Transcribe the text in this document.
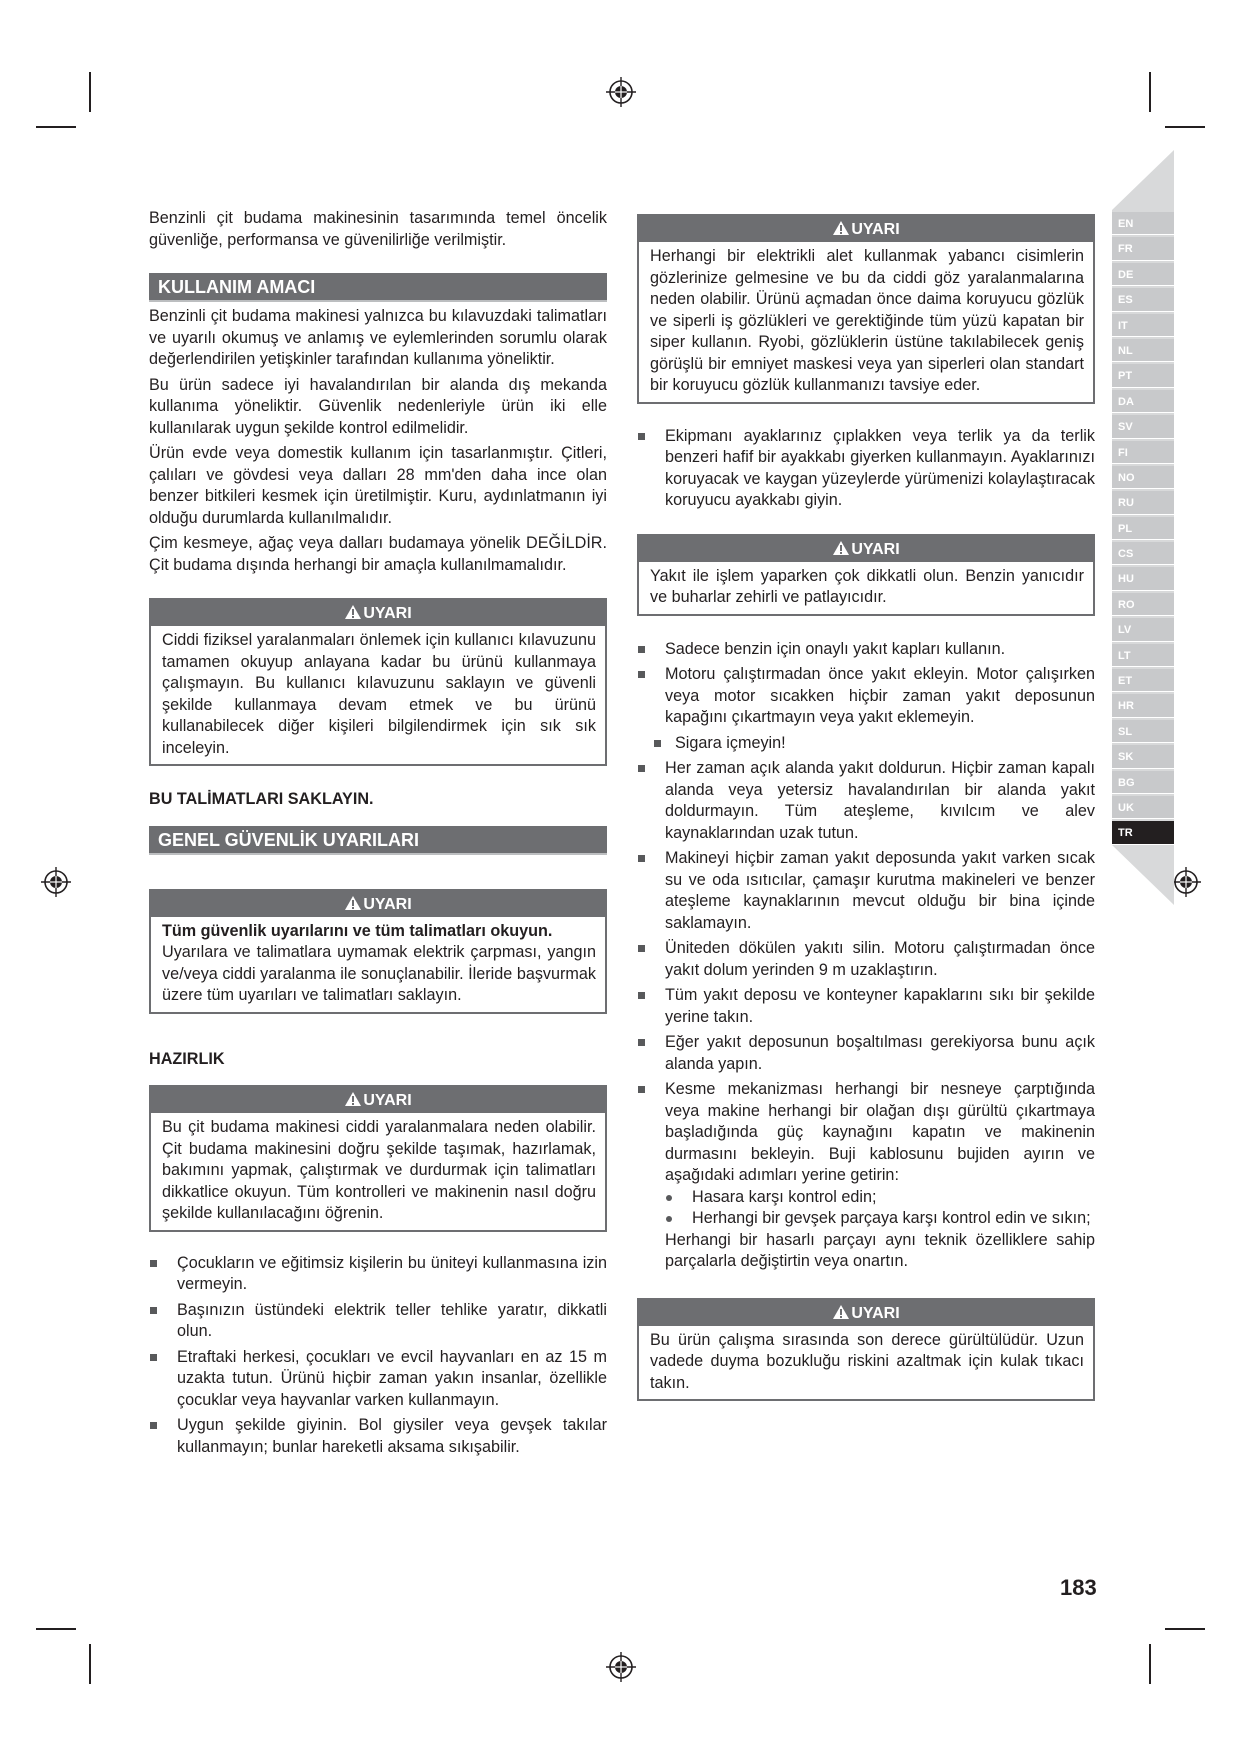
Benzinli çit budama makinesinin tasarımında temel öncelik güvenliğe, performansa ve güvenilirliğe verilmiştir.

KULLANIM AMACI

Benzinli çit budama makinesi yalnızca bu kılavuzdaki talimatları ve uyarılı okumuş ve anlamış ve eylemlerinden sorumlu olarak değerlendirilen yetişkinler tarafından kullanıma yöneliktir.

Bu ürün sadece iyi havalandırılan bir alanda dış mekanda kullanıma yöneliktir. Güvenlik nedenleriyle ürün iki elle kullanılarak uygun şekilde kontrol edilmelidir.

Ürün evde veya domestik kullanım için tasarlanmıştır. Çitleri, çalıları ve gövdesi veya dalları 28 mm'den daha ince olan benzer bitkileri kesmek için üretilmiştir. Kuru, aydınlatmanın iyi olduğu durumlarda kullanılmalıdır.

Çim kesmeye, ağaç veya dalları budamaya yönelik DEĞİLDİR. Çit budama dışında herhangi bir amaçla kullanılmamalıdır.

UYARI

Ciddi fiziksel yaralanmaları önlemek için kullanıcı kılavuzunu tamamen okuyup anlayana kadar bu ürünü kullanmaya çalışmayın. Bu kullanıcı kılavuzunu saklayın ve güvenli şekilde kullanmaya devam etmek ve bu ürünü kullanabilecek diğer kişileri bilgilendirmek için sık sık inceleyin.

BU TALİMATLARI SAKLAYIN.

GENEL GÜVENLİK UYARILARI
UYARI

Tüm güvenlik uyarılarını ve tüm talimatları okuyun.

Uyarılara ve talimatlara uymamak elektrik çarpması, yangın ve/veya ciddi yaralanma ile sonuçlanabilir. İleride başvurmak üzere tüm uyarıları ve talimatları saklayın.

HAZIRLIK

UYARI

Bu çit budama makinesi ciddi yaralanmalara neden olabilir. Çit budama makinesini doğru şekilde taşımak, hazırlamak, bakımını yapmak, çalıştırmak ve durdurmak için talimatları dikkatlice okuyun. Tüm kontrolleri ve makinenin nasıl doğru şekilde kullanılacağını öğrenin.

Çocukların ve eğitimsiz kişilerin bu üniteyi kullanmasına izin vermeyin.
Başınızın üstündeki elektrik teller tehlike yaratır, dikkatli olun.
Etraftaki herkesi, çocukları ve evcil hayvanları en az 15 m uzakta tutun. Ürünü hiçbir zaman yakın insanlar, özellikle çocuklar veya hayvanlar varken kullanmayın.
Uygun şekilde giyinin. Bol giysiler veya gevşek takılar kullanmayın; bunlar hareketli aksama sıkışabilir.
UYARI

Herhangi bir elektrikli alet kullanmak yabancı cisimlerin gözlerinize gelmesine ve bu da ciddi göz yaralanmalarına neden olabilir. Ürünü açmadan önce daima koruyucu gözlük ve siperli iş gözlükleri ve gerektiğinde tüm yüzü kapatan bir siper kullanın. Ryobi, gözlüklerin üstüne takılabilecek geniş görüşlü bir emniyet maskesi veya yan siperleri olan standart bir koruyucu gözlük kullanmanızı tavsiye eder.

Ekipmanı ayaklarınız çıplakken veya terlik ya da terlik benzeri hafif bir ayakkabı giyerken kullanmayın. Ayaklarınızı koruyacak ve kaygan yüzeylerde yürümenizi kolaylaştıracak koruyucu ayakkabı giyin.
UYARI

Yakıt ile işlem yaparken çok dikkatli olun. Benzin yanıcıdır ve buharlar zehirli ve patlayıcıdır.

Sadece benzin için onaylı yakıt kapları kullanın.
Motoru çalıştırmadan önce yakıt ekleyin. Motor çalışırken veya motor sıcakken hiçbir zaman yakıt deposunun kapağını çıkartmayın veya yakıt eklemeyin.
Sigara içmeyin!
Her zaman açık alanda yakıt doldurun. Hiçbir zaman kapalı alanda veya yetersiz havalandırılan bir alanda yakıt doldurmayın. Tüm ateşleme, kıvılcım ve alev kaynaklarından uzak tutun.
Makineyi hiçbir zaman yakıt deposunda yakıt varken sıcak su ve oda ısıtıcılar, çamaşır kurutma makineleri ve benzer ateşleme kaynaklarının mevcut olduğu bir bina içinde saklamayın.
Üniteden dökülen yakıtı silin. Motoru çalıştırmadan önce yakıt dolum yerinden 9 m uzaklaştırın.
Tüm yakıt deposu ve konteyner kapaklarını sıkı bir şekilde yerine takın.
Eğer yakıt deposunun boşaltılması gerekiyorsa bunu açık alanda yapın.
Kesme mekanizması herhangi bir nesneye çarptığında veya makine herhangi bir olağan dışı gürültü çıkartmaya başladığında güç kaynağını kapatın ve makinenin durmasını bekleyin. Buji kablosunu bujiden ayırın ve aşağıdaki adımları yerine getirin:
Hasara karşı kontrol edin;
Herhangi bir gevşek parçaya karşı kontrol edin ve sıkın;
Herhangi bir hasarlı parçayı aynı teknik özelliklere sahip parçalarla değiştirtin veya onartın.
UYARI

Bu ürün çalışma sırasında son derece gürültülüdür. Uzun vadede duyma bozukluğu riskini azaltmak için kulak tıkacı takın.

EN
FR
DE
ES
IT
NL
PT
DA
SV
FI
NO
RU
PL
CS
HU
RO
LV
LT
ET
HR
SL
SK
BG
UK
TR
183
